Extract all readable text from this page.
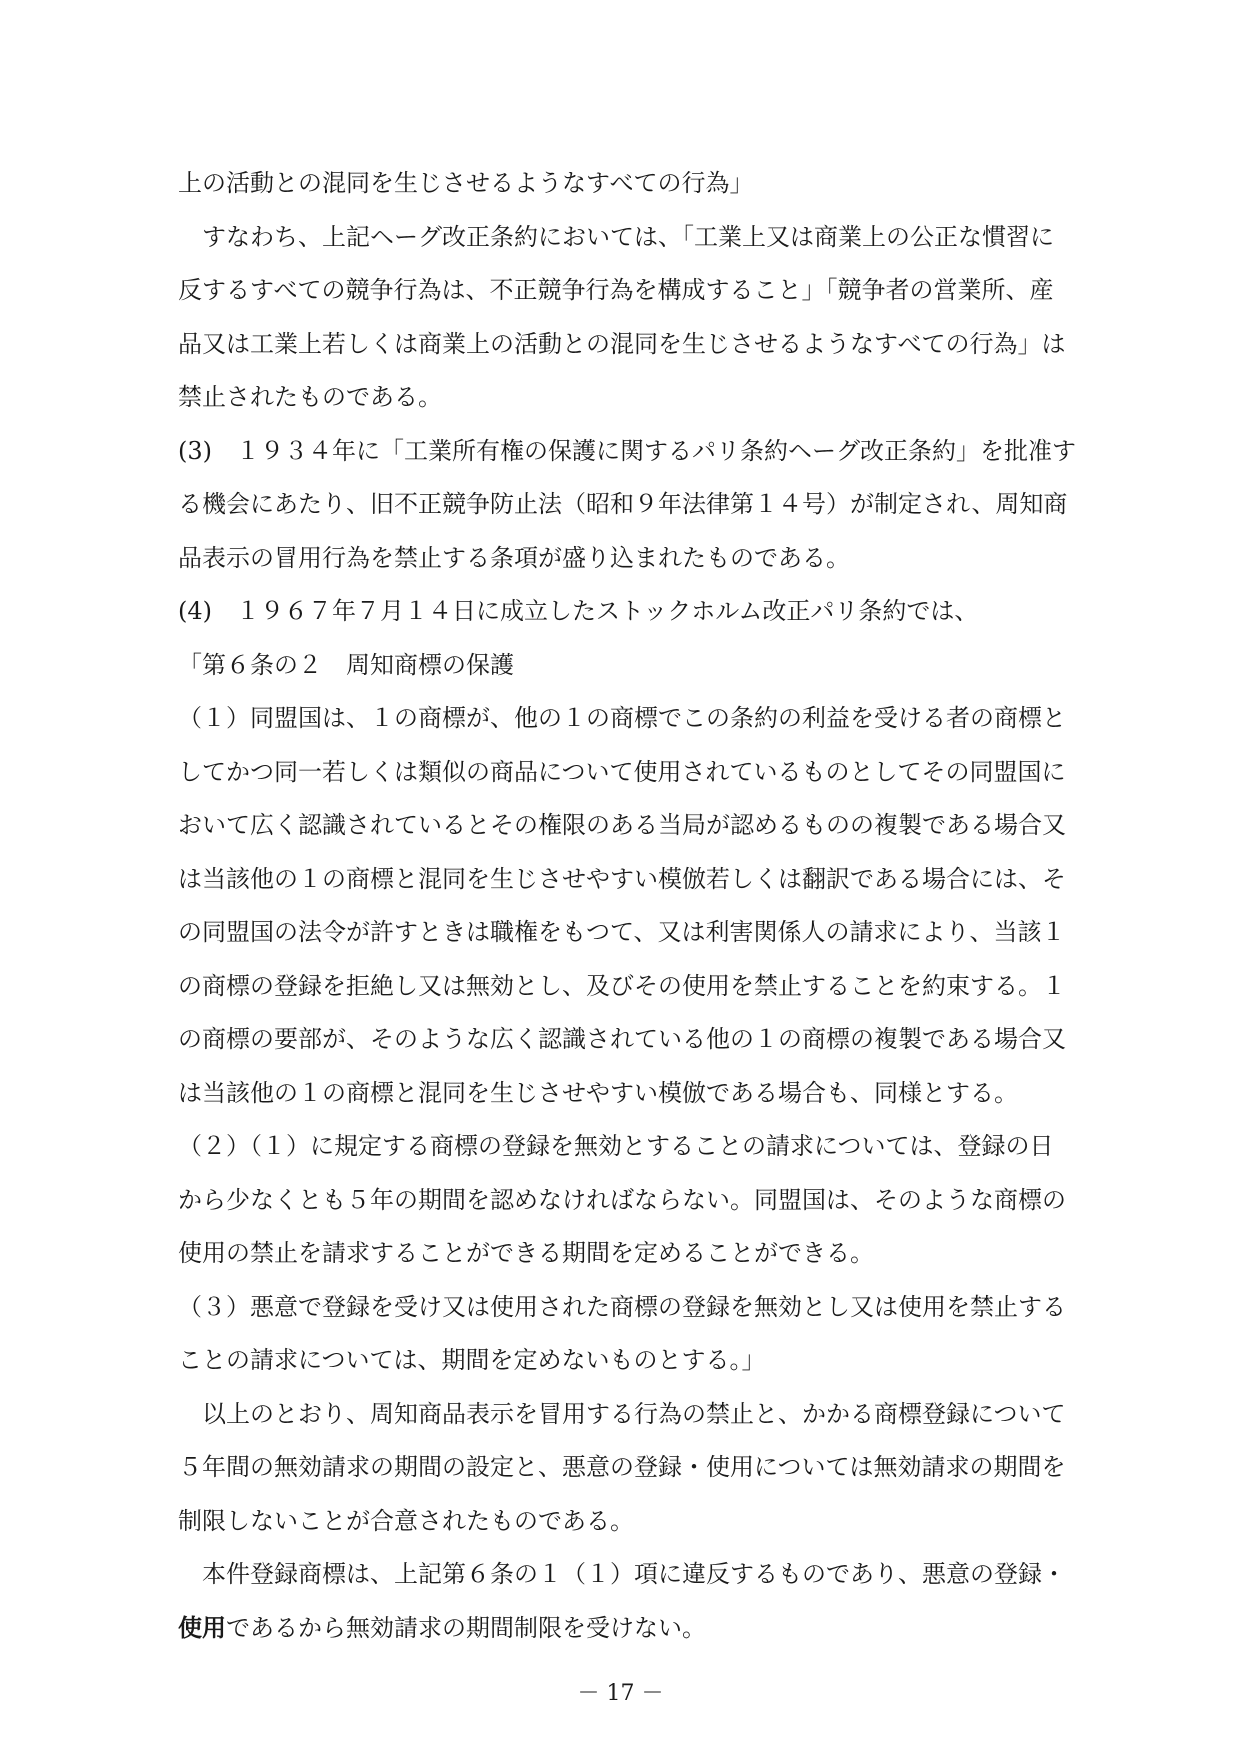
上の活動との混同を生じさせるようなすべての行為」
　すなわち、上記ヘーグ改正条約においては、「工業上又は商業上の公正な慣習に
反するすべての競争行為は、不正競争行為を構成すること」「競争者の営業所、産
品又は工業上若しくは商業上の活動との混同を生じさせるようなすべての行為」は
禁止されたものである。
(3)　１９３４年に「工業所有権の保護に関するパリ条約ヘーグ改正条約」を批准す
る機会にあたり、旧不正競争防止法（昭和９年法律第１４号）が制定され、周知商
品表示の冒用行為を禁止する条項が盛り込まれたものである。
(4)　１９６７年７月１４日に成立したストックホルム改正パリ条約では、
「第６条の２　周知商標の保護
（１）同盟国は、１の商標が、他の１の商標でこの条約の利益を受ける者の商標と
してかつ同一若しくは類似の商品について使用されているものとしてその同盟国に
おいて広く認識されているとその権限のある当局が認めるものの複製である場合又
は当該他の１の商標と混同を生じさせやすい模倣若しくは翻訳である場合には、そ
の同盟国の法令が許すときは職権をもつて、又は利害関係人の請求により、当該１
の商標の登録を拒絶し又は無効とし、及びその使用を禁止することを約束する。１
の商標の要部が、そのような広く認識されている他の１の商標の複製である場合又
は当該他の１の商標と混同を生じさせやすい模倣である場合も、同様とする。
（２）（１）に規定する商標の登録を無効とすることの請求については、登録の日
から少なくとも５年の期間を認めなければならない。同盟国は、そのような商標の
使用の禁止を請求することができる期間を定めることができる。
（３）悪意で登録を受け又は使用された商標の登録を無効とし又は使用を禁止する
ことの請求については、期間を定めないものとする。」
　以上のとおり、周知商品表示を冒用する行為の禁止と、かかる商標登録について
５年間の無効請求の期間の設定と、悪意の登録・使用については無効請求の期間を
制限しないことが合意されたものである。
　本件登録商標は、上記第６条の１（１）項に違反するものであり、悪意の登録・
－ 17 －
使用であるから無効請求の期間制限を受けない。
